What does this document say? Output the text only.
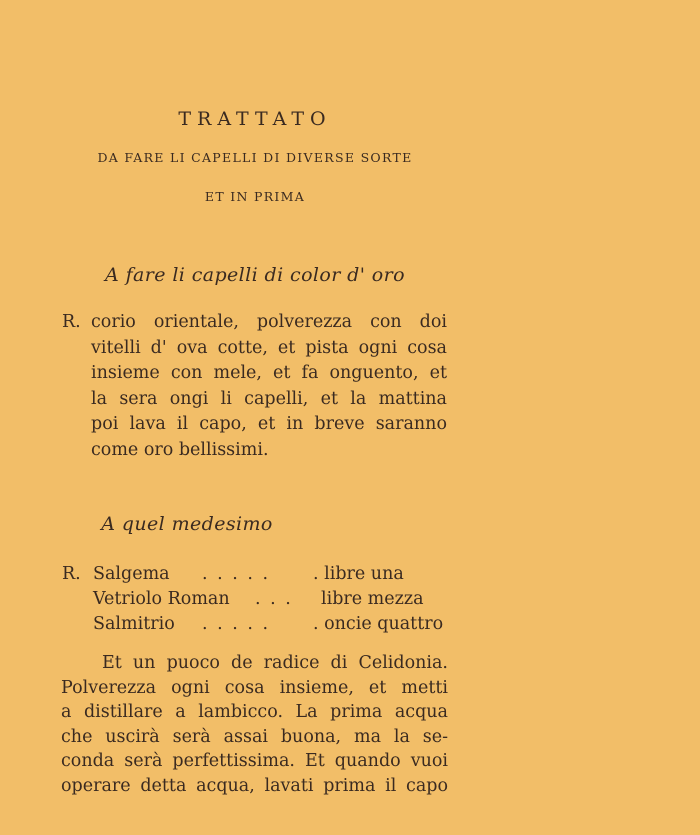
TRATTATO
DA FARE LI CAPELLI DI DIVERSE SORTE
ET IN PRIMA
A fare li capelli di color d' oro
R. corio orientale, polverezza con doi
vitelli d' ova cotte, et pista ogni cosa
insieme con mele, et fa onguento, et
la sera ongi li capelli, et la mattina
poi lava il capo, et in breve saranno
come oro bellissimi.
A quel medesimo
R. Salgema . . . . . . libre una
Vetriolo Roman . . . libre mezza
Salmitrio . . . . . . oncie quattro
Et un puoco de radice di Celidonia.
Polverezza ogni cosa insieme, et metti
a distillare a lambicco. La prima acqua
che uscirà serà assai buona, ma la se-
conda serà perfettissima. Et quando vuoi
operare detta acqua, lavati prima il capo
